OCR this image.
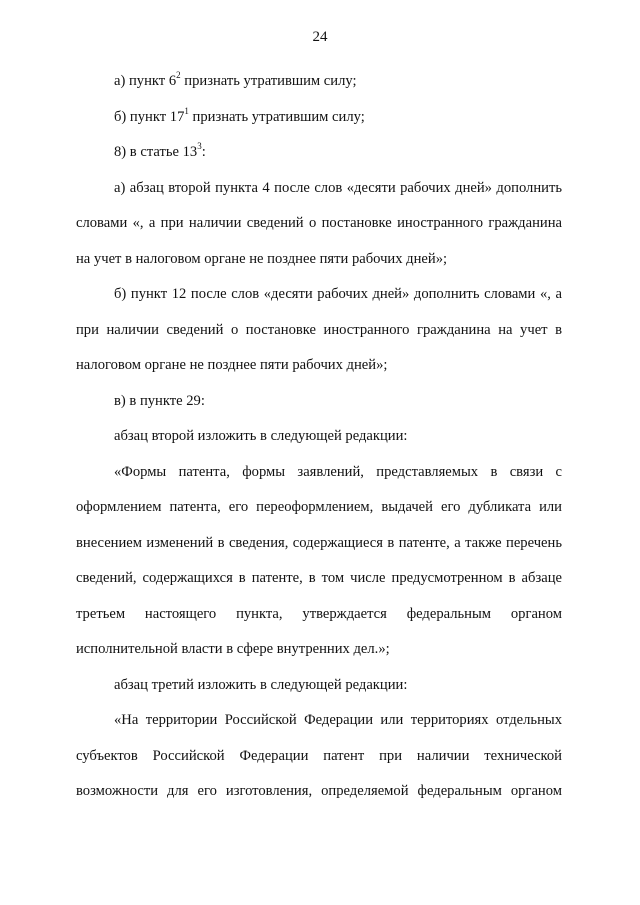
24

а) пункт $6^2$ признать утратившим силу;

б) пункт $17^1$ признать утратившим силу;

8) в статье $13^3$:

а) абзац второй пункта 4 после слов «десяти рабочих дней» дополнить словами «, а при наличии сведений о постановке иностранного гражданина на учет в налоговом органе не позднее пяти рабочих дней»;

б) пункт 12 после слов «десяти рабочих дней» дополнить словами «, а при наличии сведений о постановке иностранного гражданина на учет в налоговом органе не позднее пяти рабочих дней»;

в) в пункте 29:

абзац второй изложить в следующей редакции:

«Формы патента, формы заявлений, представляемых в связи с оформлением патента, его переоформлением, выдачей его дубликата или внесением изменений в сведения, содержащиеся в патенте, а также перечень сведений, содержащихся в патенте, в том числе предусмотренном в абзаце третьем настоящего пункта, утверждается федеральным органом исполнительной власти в сфере внутренних дел.»;

абзац третий изложить в следующей редакции:

«На территории Российской Федерации или территориях отдельных субъектов Российской Федерации патент при наличии технической возможности для его изготовления, определяемой федеральным органом
